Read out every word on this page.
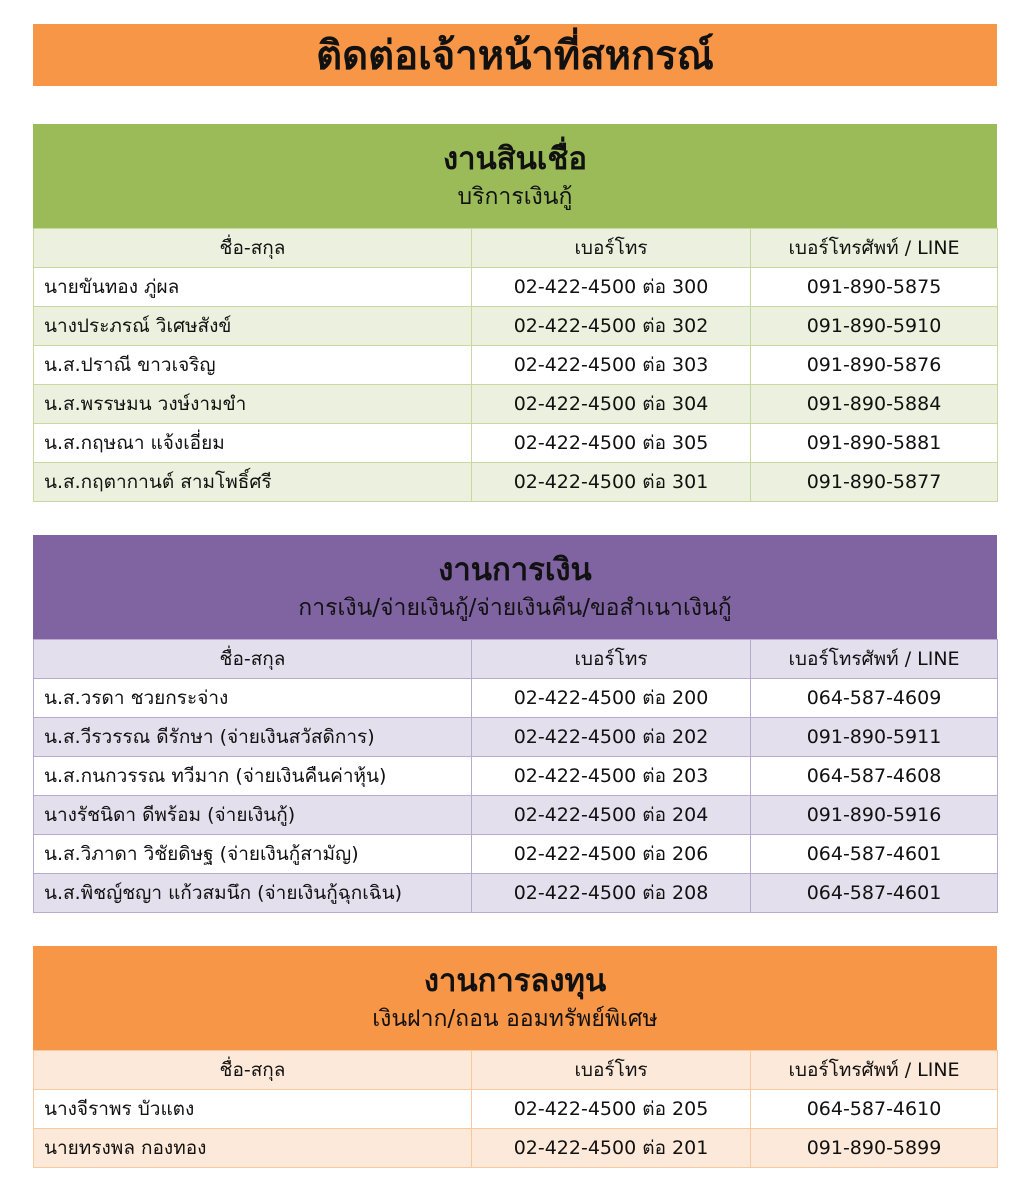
ติดต่อเจ้าหน้าที่สหกรณ์
งานสินเชื่อ
บริการเงินกู้
ชื่อ-สกุล	เบอร์โทร	เบอร์โทรศัพท์ / LINE
นายขันทอง ภู่ผล	02-422-4500 ต่อ 300	091-890-5875
นางประภรณ์ วิเศษสังข์	02-422-4500 ต่อ 302	091-890-5910
น.ส.ปราณี ขาวเจริญ	02-422-4500 ต่อ 303	091-890-5876
น.ส.พรรษมน วงษ์งามขำ	02-422-4500 ต่อ 304	091-890-5884
น.ส.กฤษณา แจ้งเอี่ยม	02-422-4500 ต่อ 305	091-890-5881
น.ส.กฤตากานต์ สามโพธิ์ศรี	02-422-4500 ต่อ 301	091-890-5877
งานการเงิน
การเงิน/จ่ายเงินกู้/จ่ายเงินคืน/ขอสำเนาเงินกู้
ชื่อ-สกุล	เบอร์โทร	เบอร์โทรศัพท์ / LINE
น.ส.วรดา ชวยกระจ่าง	02-422-4500 ต่อ 200	064-587-4609
น.ส.วีรวรรณ ดีรักษา (จ่ายเงินสวัสดิการ)	02-422-4500 ต่อ 202	091-890-5911
น.ส.กนกวรรณ ทวีมาก (จ่ายเงินคืนค่าหุ้น)	02-422-4500 ต่อ 203	064-587-4608
นางรัชนิดา ดีพร้อม (จ่ายเงินกู้)	02-422-4500 ต่อ 204	091-890-5916
น.ส.วิภาดา วิชัยดิษฐ (จ่ายเงินกู้สามัญ)	02-422-4500 ต่อ 206	064-587-4601
น.ส.พิชญ์ชญา แก้วสมนึก (จ่ายเงินกู้ฉุกเฉิน)	02-422-4500 ต่อ 208	064-587-4601
งานการลงทุน
เงินฝาก/ถอน ออมทรัพย์พิเศษ
ชื่อ-สกุล	เบอร์โทร	เบอร์โทรศัพท์ / LINE
นางจีราพร บัวแตง	02-422-4500 ต่อ 205	064-587-4610
นายทรงพล กองทอง	02-422-4500 ต่อ 201	091-890-5899
